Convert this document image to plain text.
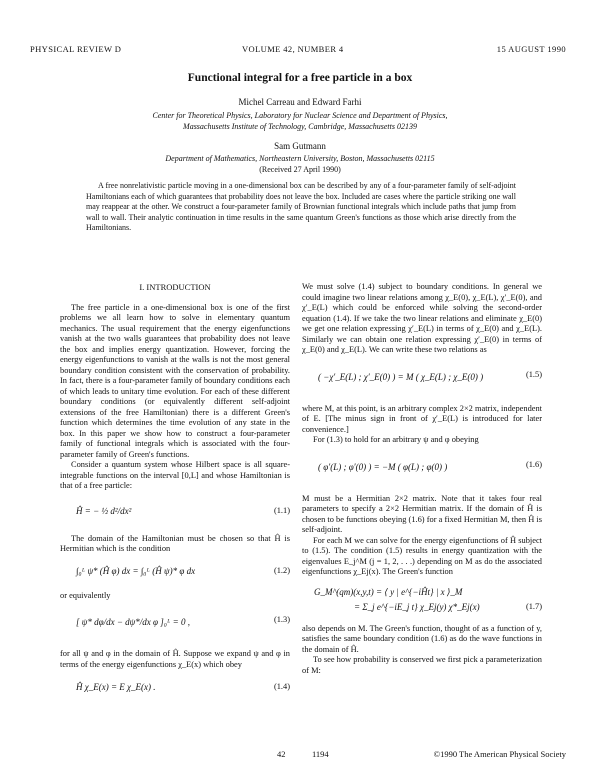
PHYSICAL REVIEW D	VOLUME 42, NUMBER 4	15 AUGUST 1990
Functional integral for a free particle in a box
Michel Carreau and Edward Farhi
Center for Theoretical Physics, Laboratory for Nuclear Science and Department of Physics,
Massachusetts Institute of Technology, Cambridge, Massachusetts 02139
Sam Gutmann
Department of Mathematics, Northeastern University, Boston, Massachusetts 02115
(Received 27 April 1990)

A free nonrelativistic particle moving in a one-dimensional box can be described by any of a four-parameter family of self-adjoint Hamiltonians each of which guarantees that probability does not leave the box. Included are cases where the particle striking one wall may reappear at the other. We construct a four-parameter family of Brownian functional integrals which include paths that jump from wall to wall. Their analytic continuation in time results in the same quantum Green's functions as those which arise directly from the Hamiltonians.

I. INTRODUCTION

The free particle in a one-dimensional box is one of the first problems we all learn how to solve in elementary quantum mechanics. The usual requirement that the energy eigenfunctions vanish at the two walls guarantees that probability does not leave the box and implies energy quantization. However, forcing the energy eigenfunctions to vanish at the walls is not the most general boundary condition consistent with the conservation of probability. In fact, there is a four-parameter family of boundary conditions each of which leads to unitary time evolution. For each of these different boundary conditions (or equivalently different self-adjoint extensions of the free Hamiltonian) there is a different Green's function which determines the time evolution of any state in the box. In this paper we show how to construct a four-parameter family of functional integrals which is associated with the four-parameter family of Green's functions.

Consider a quantum system whose Hilbert space is all square-integrable functions on the interval [0,L] and whose Hamiltonian is that of a free particle:

Ĥ = − ½ d²/dx²	(1.1)

The domain of the Hamiltonian must be chosen so that Ĥ is Hermitian which is the condition

∫₀ᴸ ψ* (Ĥ φ) dx = ∫₀ᴸ (Ĥ ψ)* φ dx	(1.2)

or equivalently

[ ψ* dφ/dx − dψ*/dx φ ]₀ᴸ = 0 ,	(1.3)

for all ψ and φ in the domain of Ĥ. Suppose we expand ψ and φ in terms of the energy eigenfunctions χ_E(x) which obey

Ĥ χ_E(x) = E χ_E(x) .	(1.4)

We must solve (1.4) subject to boundary conditions. In general we could imagine two linear relations among χ_E(0), χ_E(L), χ′_E(0), and χ′_E(L) which could be enforced while solving the second-order equation (1.4). If we take the two linear relations and eliminate χ_E(0) we get one relation expressing χ′_E(L) in terms of χ_E(0) and χ_E(L). Similarly we can obtain one relation expressing χ′_E(0) in terms of χ_E(0) and χ_E(L). We can write these two relations as

( −χ′_E(L) ; χ′_E(0) ) = M ( χ_E(L) ; χ_E(0) )	(1.5)

where M, at this point, is an arbitrary complex 2×2 matrix, independent of E. [The minus sign in front of χ′_E(L) is introduced for later convenience.]

For (1.3) to hold for an arbitrary ψ and φ obeying

( φ′(L) ; φ′(0) ) = −M ( φ(L) ; φ(0) )	(1.6)

M must be a Hermitian 2×2 matrix. Note that it takes four real parameters to specify a 2×2 Hermitian matrix. If the domain of Ĥ is chosen to be functions obeying (1.6) for a fixed Hermitian M, then Ĥ is self-adjoint.

For each M we can solve for the energy eigenfunctions of Ĥ subject to (1.5). The condition (1.5) results in energy quantization with the eigenvalues E_j^M (j = 1, 2, . . .) depending on M as do the associated eigenfunctions χ_Ej(x). The Green's function

G_M^(qm)(x,y,t) = ⟨ y | e^{−iĤt} | x ⟩_M
= Σ_j e^{−iE_j t} χ_Ej(y) χ*_Ej(x)	(1.7)

also depends on M. The Green's function, thought of as a function of y, satisfies the same boundary condition (1.6) as do the wave functions in the domain of Ĥ.

To see how probability is conserved we first pick a parameterization of M:

42	1194	©1990 The American Physical Society
